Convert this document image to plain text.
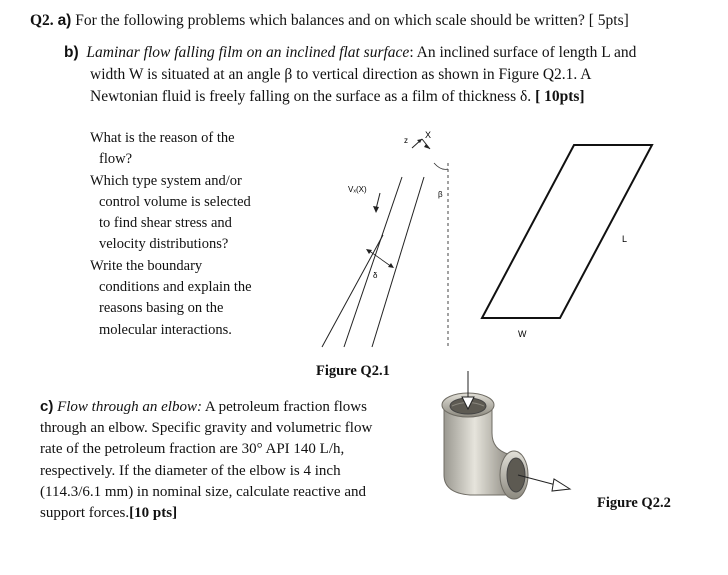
Q2. a) For the following problems which balances and on which scale should be written? [ 5pts]

b) Laminar flow falling film on an inclined flat surface: An inclined surface of length L and

width W is situated at an angle β to vertical direction as shown in Figure Q2.1. A

Newtonian fluid is freely falling on the surface as a film of thickness δ. [ 10pts]

What is the reason of the
flow?
Which type system and/or
control volume is selected
to find shear stress and
velocity distributions?
Write the boundary
conditions and explain the
reasons basing on the
molecular interactions.
z
X
Vₓ(X)
δ
β
L
W
Figure Q2.1

c) Flow through an elbow: A petroleum fraction flows

through an elbow. Specific gravity and volumetric flow

rate of the petroleum fraction are 30° API 140 L/h,

respectively. If the diameter of the elbow is 4 inch

(114.3/6.1 mm) in nominal size, calculate reactive and

support forces.[10 pts]

Figure Q2.2
